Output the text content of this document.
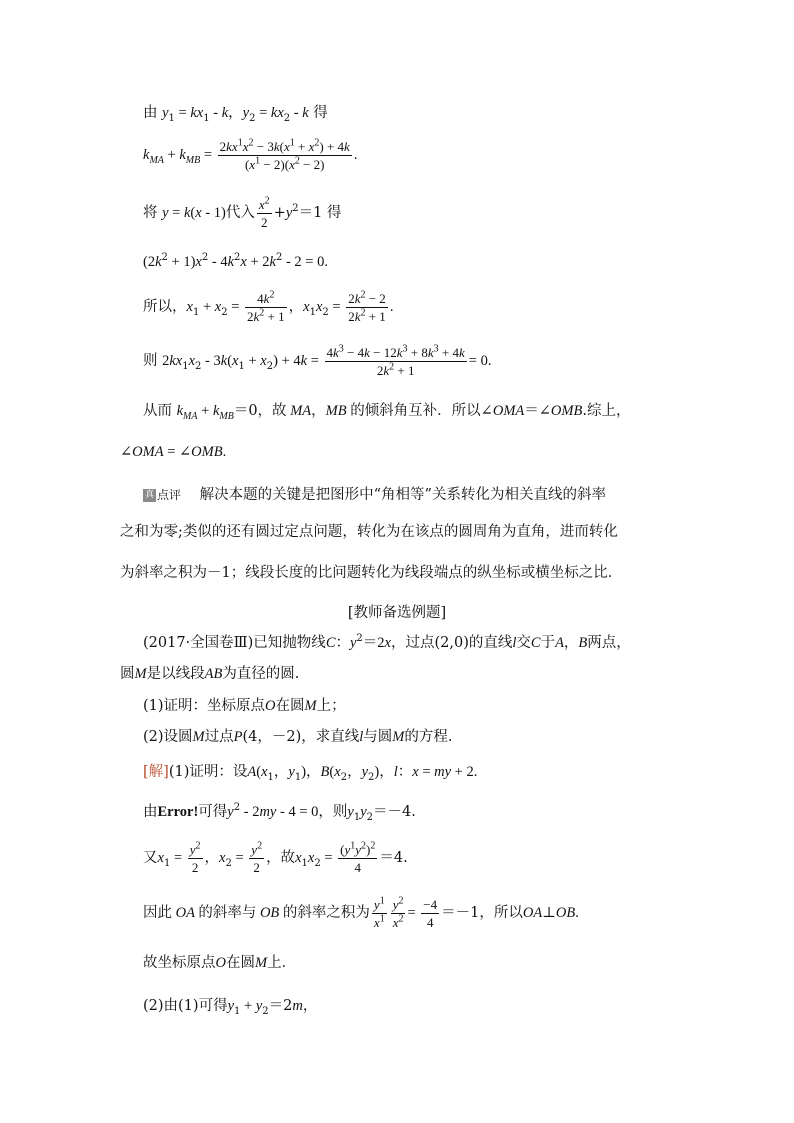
由 $y_1 = kx_1 - k$，$y_2 = kx_2 - k$ 得
$k_{MA} + k_{MB} = \frac{2kx^1x^2 - 3k(x^1 + x^2) + 4k}{(x^1 - 2)(x^2 - 2)}$ .
将 y = k(x - 1)代入 $\frac{x^2}{2} +y^2=1$ 得
$(2k^2 + 1)x^2 - 4k^2x + 2k^2 - 2 = 0$.
所以，$x_1 + x_2 = \frac{4k^2}{2k^2 + 1}$ ，$x_1x_2 = \frac{2k^2 - 2}{2k^2 + 1}$ .
则 $2kx_1x_2 - 3k(x_1 + x_2) + 4k = \frac{4k^3 - 4k - 12k^3 + 8k^3 + 4k}{2k^2 + 1} = 0$.
从而 $k_{MA} + k_{MB}=0$，故 MA，MB 的倾斜角互补．所以∠OMA＝∠OMB.综上，
∠OMA = ∠OMB.
真 点评 解决本题的关键是把图形中“角相等”关系转化为相关直线的斜率
之和为零;类似的还有圆过定点问题，转化为在该点的圆周角为直角，进而转化
为斜率之积为－1；线段长度的比问题转化为线段端点的纵坐标或横坐标之比．
[教师备选例题]
(2017·全国卷Ⅲ)已知抛物线C：$y^2=2x$，过点(2,0)的直线l交C于A，B两点，
圆M是以线段AB为直径的圆.
(1)证明：坐标原点O在圆M上；
(2)设圆M过点P(4，－2)，求直线l与圆M的方程.
[解](1)证明：设$A(x_1$，$y_1$)，$B(x_2$，$y_2$)，l：x = my + 2.
由Error!可得$y^2 - 2my - 4 = 0$，则$y_1y_2=-4$.
又$x_1 = \frac{y^2}{2}$ ，$x_2 = \frac{y^2}{2}$ ，故$x_1x_2 = \frac{(y^1y^2)^2}{4} =4$.
因此 OA 的斜率与 OB 的斜率之积为 $\frac{y^1}{x^1} \frac{y^2}{x^2} = \frac{-4}{4} =-1$，所以OA⊥OB.
故坐标原点O在圆M上．
(2)由(1)可得$y_1 + y_2=2m$，
